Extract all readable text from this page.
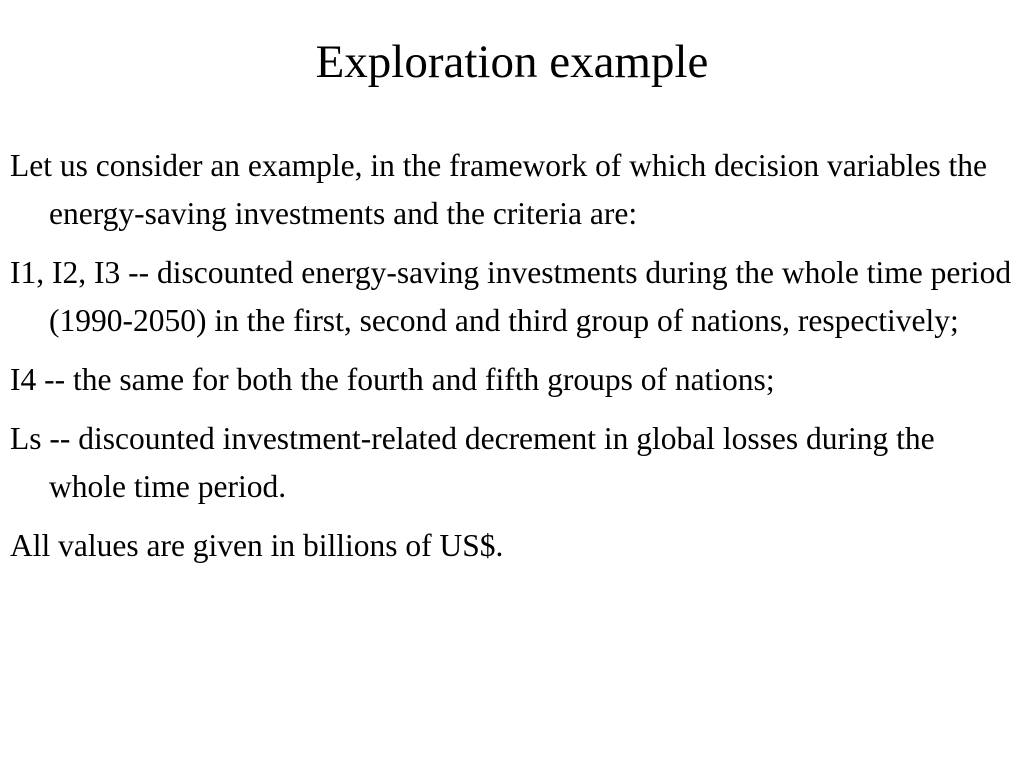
Exploration example
Let us consider an example, in the framework of which decision variables the energy-saving investments and the criteria are:
I1, I2, I3 -- discounted energy-saving investments during the whole time period (1990-2050) in the first, second and third group of nations, respectively;
I4 -- the same for both the fourth and fifth groups of nations;
Ls -- discounted investment-related decrement in global losses during the whole time period.
All values are given in billions of US$.
